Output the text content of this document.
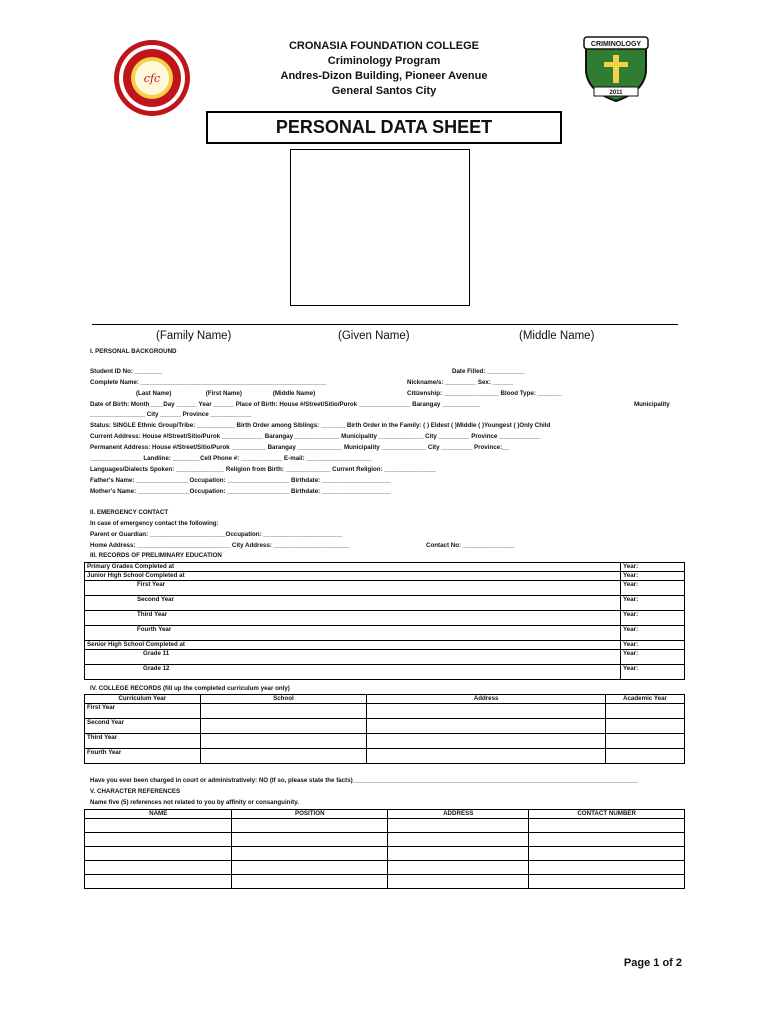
cfc
CRIMINOLOGY
2011
CRONASIA FOUNDATION COLLEGE
Criminology Program
Andres-Dizon Building, Pioneer Avenue
General Santos City
PERSONAL DATA SHEET
(Family Name)	(Given Name)	(Middle Name)
I. PERSONAL BACKGROUND
Student ID No: ________	Date Filled: ___________
Complete Name: ______________________________________________________	Nickname/s: _________ Sex: ______
(Last Name)                    (First Name)                  (Middle Name)	Citizenship: ________________ Blood Type: _______
Date of Birth: Month____Day ______ Year ______ Place of Birth: House #/Street/Sitio/Purok _______________ Barangay ___________	Municipality
________________ City ______ Province ____________
Status: SINGLE Ethnic Group/Tribe: ___________ Birth Order among Siblings: _______ Birth Order in the Family: ( ) Eldest ( )Middle ( )Youngest ( )Only Child
Current Address: House #/Street/Sitio/Purok ____________ Barangay _____________ Municipality _____________ City _________ Province ____________
Permanent Address: House #/Street/Sitio/Purok __________ Barangay _____________ Municipality _____________ City _________ Province:__
_______________ Landline: ________Cell Phone #: ____________ E-mail: ___________________
Languages/Dialects Spoken: ______________ Religion from Birth: _____________ Current Religion: _______________
Father's Name: _______________ Occupation: __________________ Birthdate: ____________________
Mother's Name: _______________Occupation: __________________ Birthdate: ____________________
II. EMERGENCY CONTACT
In case of emergency contact the following:
Parent or Guardian: ______________________Occupation: _______________________
Home Address: ___________________________ City Address: ______________________	Contact No: _______________
III. RECORDS OF PRELIMINARY EDUCATION
Primary Grades Completed at	Year:
Junior High School Completed at	Year:
First Year	Year:
Second Year	Year:
Third Year	Year:
Fourth Year	Year:
Senior High School Completed at	Year:
Grade 11	Year:
Grade 12	Year:
IV. COLLEGE RECORDS (fill up the completed curriculum year only)
Curriculum Year	School	Address	Academic Year
First Year			
Second Year			
Third Year			
Fourth Year			
Have you ever been charged in court or administratively: NO (If so, please state the facts)___________________________________________________________________________________
V. CHARACTER REFERENCES
Name five (5) references not related to you by affinity or consanguinity.
NAME	POSITION	ADDRESS	CONTACT NUMBER

Page 1 of 2
